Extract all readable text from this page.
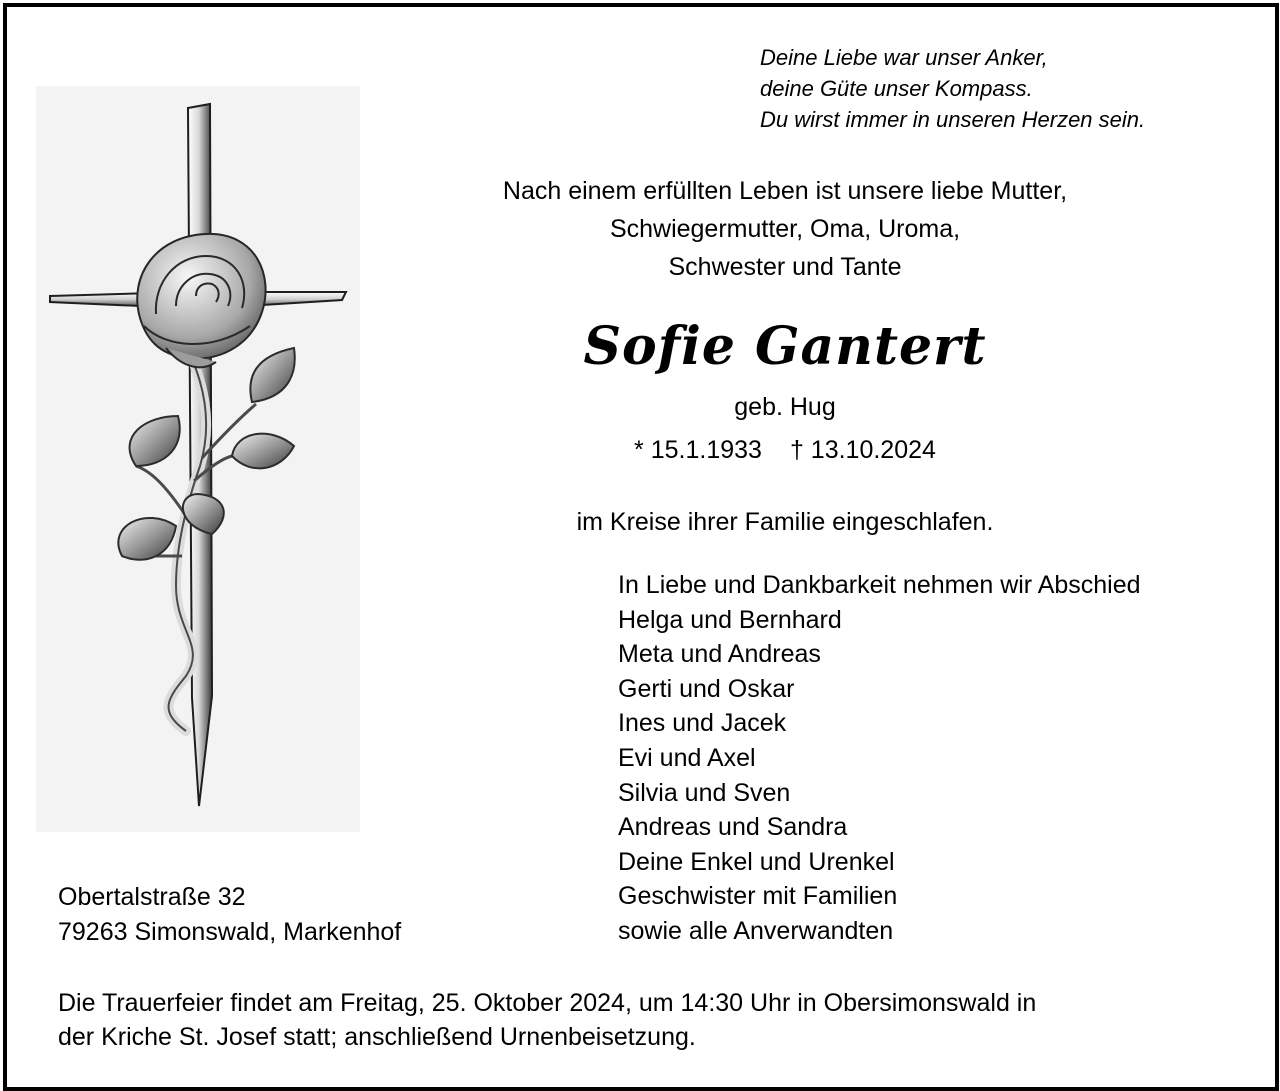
Deine Liebe war unser Anker,
deine Güte unser Kompass.
Du wirst immer in unseren Herzen sein.
Nach einem erfüllten Leben ist unsere liebe Mutter,
Schwiegermutter, Oma, Uroma,
Schwester und Tante
Sofie Gantert
geb. Hug
* 15.1.1933 † 13.10.2024
im Kreise ihrer Familie eingeschlafen.
In Liebe und Dankbarkeit nehmen wir Abschied
Helga und Bernhard
Meta und Andreas
Gerti und Oskar
Ines und Jacek
Evi und Axel
Silvia und Sven
Andreas und Sandra
Deine Enkel und Urenkel
Geschwister mit Familien
sowie alle Anverwandten
Obertalstraße 32
79263 Simonswald, Markenhof
Die Trauerfeier findet am Freitag, 25. Oktober 2024, um 14:30 Uhr in Obersimonswald in
der Kriche St. Josef statt; anschließend Urnenbeisetzung.
